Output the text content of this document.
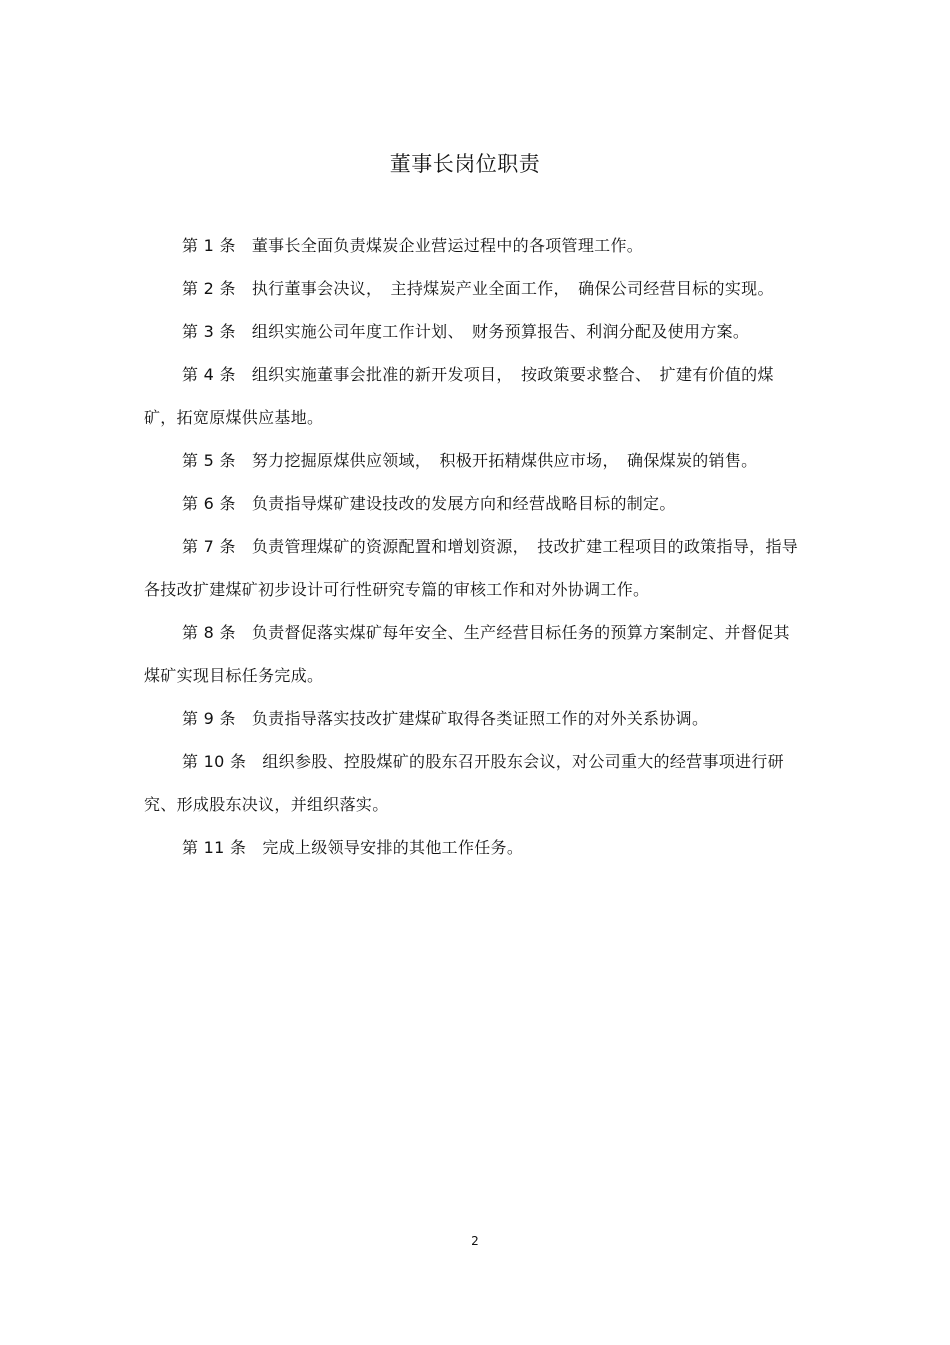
董事长岗位职责

第 1 条 董事长全面负责煤炭企业营运过程中的各项管理工作。

第 2 条 执行董事会决议，　主持煤炭产业全面工作，　确保公司经营目标的实现。

第 3 条 组织实施公司年度工作计划、　财务预算报告、利润分配及使用方案。

第 4 条 组织实施董事会批准的新开发项目，　按政策要求整合、　扩建有价值的煤矿，拓宽原煤供应基地。

第 5 条 努力挖掘原煤供应领域，　积极开拓精煤供应市场，　确保煤炭的销售。

第 6 条 负责指导煤矿建设技改的发展方向和经营战略目标的制定。

第 7 条 负责管理煤矿的资源配置和增划资源，　技改扩建工程项目的政策指导，指导各技改扩建煤矿初步设计可行性研究专篇的审核工作和对外协调工作。

第 8 条 负责督促落实煤矿每年安全、生产经营目标任务的预算方案制定、并督促其煤矿实现目标任务完成。

第 9 条 负责指导落实技改扩建煤矿取得各类证照工作的对外关系协调。

第 10 条 组织参股、控股煤矿的股东召开股东会议，对公司重大的经营事项进行研究、形成股东决议，并组织落实。

第 11 条 完成上级领导安排的其他工作任务。

2
